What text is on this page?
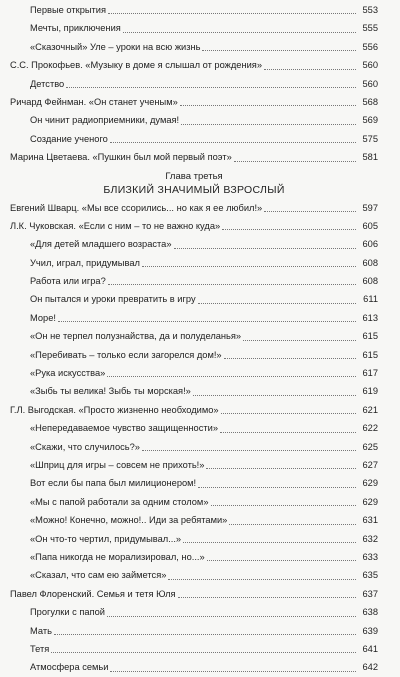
Первые открытия	553
Мечты, приключения	555
«Сказочный» Уле – уроки на всю жизнь	556
С.С. Прокофьев. «Музыку в доме я слышал от рождения»	560
Детство	560
Ричард Фейнман. «Он станет ученым»	568
Он чинит радиоприемники, думая!	569
Создание ученого	575
Марина Цветаева. «Пушкин был мой первый поэт»	581
Глава третья
БЛИЗКИЙ ЗНАЧИМЫЙ ВЗРОСЛЫЙ
Евгений Шварц. «Мы все ссорились... но как я ее любил!»	597
Л.К. Чуковская. «Если с ним – то не важно куда»	605
«Для детей младшего возраста»	606
Учил, играл, придумывал	608
Работа или игра?	608
Он пытался и уроки превратить в игру	611
Море!	613
«Он не терпел полузнайства, да и полуделанья»	615
«Перебивать – только если загорелся дом!»	615
«Рука искусства»	617
«Зыбь ты велика! Зыбь ты морская!»	619
Г.Л. Выгодская. «Просто жизненно необходимо»	621
«Непередаваемое чувство защищенности»	622
«Скажи, что случилось?»	625
«Шприц для игры – совсем не прихоть!»	627
Вот если бы папа был милиционером!	629
«Мы с папой работали за одним столом»	629
«Можно! Конечно, можно!.. Иди за ребятами»	631
«Он что-то чертил, придумывал...»	632
«Папа никогда не морализировал, но...»	633
«Сказал, что сам ею займется»	635
Павел Флоренский. Семья и тетя Юля	637
Прогулки с папой	638
Мать	639
Тетя	641
Атмосфера семьи	642
